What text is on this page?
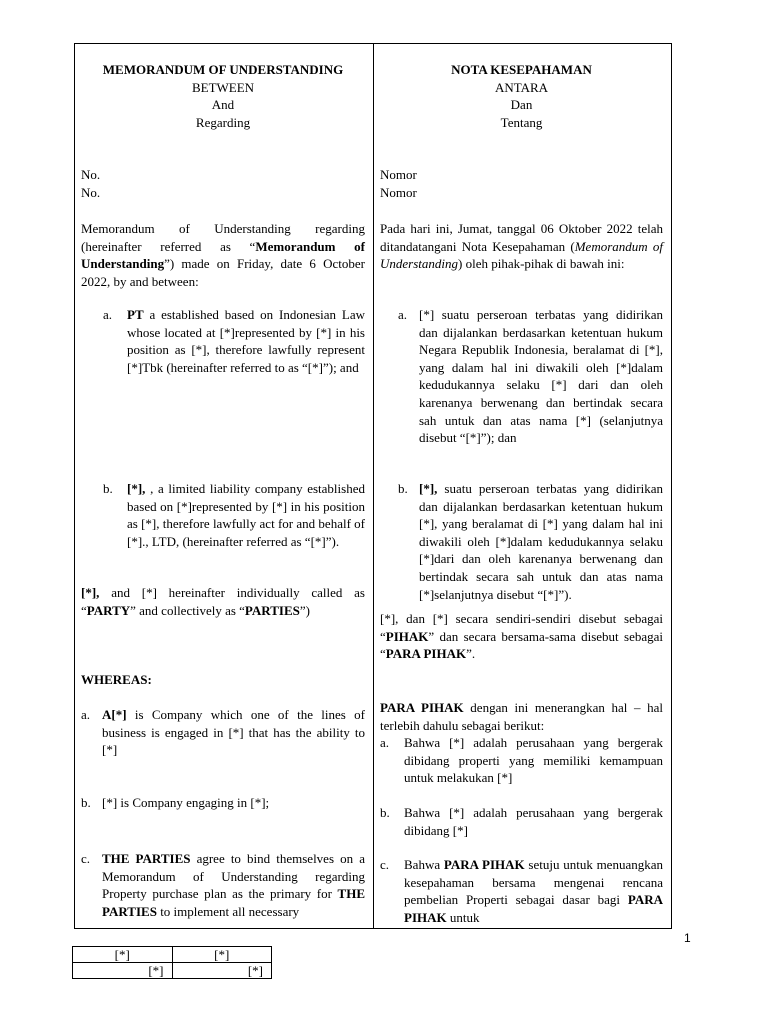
MEMORANDUM OF UNDERSTANDING
BETWEEN
And
Regarding
No.
No.
Memorandum of Understanding regarding (hereinafter referred as “Memorandum of Understanding”) made on Friday, date 6 October 2022, by and between:
a.	PT a established based on Indonesian Law whose located at [*]represented by [*] in his position as [*], therefore lawfully represent [*]Tbk (hereinafter referred to as “[*]”); and
b.	[*], , a limited liability company established based on [*]represented by [*] in his position as [*], therefore lawfully act for and behalf of [*]., LTD, (hereinafter referred as “[*]”).
[*], and [*] hereinafter individually called as “PARTY” and collectively as “PARTIES”)
WHEREAS:
a. A[*] is Company which one of the lines of business is engaged in [*] that has the ability to [*]
b. [*] is Company engaging in [*];
c. THE PARTIES agree to bind themselves on a Memorandum of Understanding regarding Property purchase plan as the primary for THE PARTIES to implement all necessary
NOTA KESEPAHAMAN
ANTARA
Dan
Tentang
Nomor
Nomor
Pada hari ini, Jumat, tanggal 06 Oktober 2022 telah ditandatangani Nota Kesepahaman (Memorandum of Understanding) oleh pihak-pihak di bawah ini:
a. [*] suatu perseroan terbatas yang didirikan dan dijalankan berdasarkan ketentuan hukum Negara Republik Indonesia, beralamat di [*], yang dalam hal ini diwakili oleh [*]dalam kedudukannya selaku [*] dari dan oleh karenanya berwenang dan bertindak secara sah untuk dan atas nama [*] (selanjutnya disebut “[*]”); dan
b. [*], suatu perseroan terbatas yang didirikan dan dijalankan berdasarkan ketentuan hukum [*], yang beralamat di [*] yang dalam hal ini diwakili oleh [*]dalam kedudukannya selaku [*]dari dan oleh karenanya berwenang dan bertindak secara sah untuk dan atas nama [*]selanjutnya disebut “[*]”).
[*], dan [*] secara sendiri-sendiri disebut sebagai “PIHAK” dan secara bersama-sama disebut sebagai “PARA PIHAK”.
PARA PIHAK dengan ini menerangkan hal – hal terlebih dahulu sebagai berikut:
a.	Bahwa [*] adalah perusahaan yang bergerak dibidang properti yang memiliki kemampuan untuk melakukan [*]
b.	Bahwa [*] adalah perusahaan yang bergerak dibidang [*]
c.	Bahwa PARA PIHAK setuju untuk menuangkan kesepahaman bersama mengenai rencana pembelian Properti sebagai dasar bagi PARA PIHAK untuk
1
[*]	[*]
[*]	[*]
